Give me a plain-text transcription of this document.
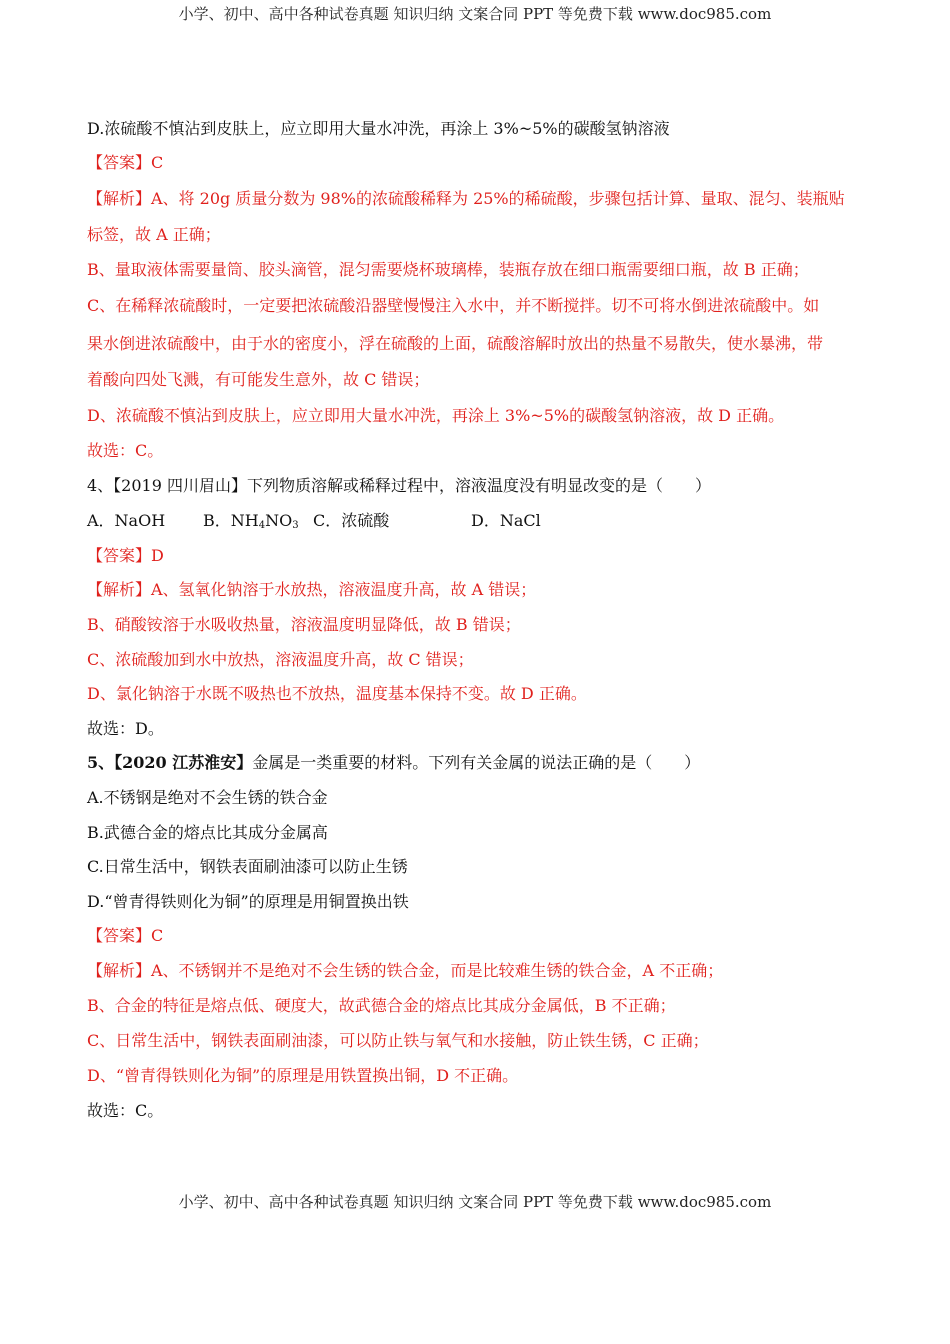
小学、初中、高中各种试卷真题 知识归纳 文案合同 PPT 等免费下载 www.doc985.com
D.浓硫酸不慎沾到皮肤上，应立即用大量水冲洗，再涂上 3%~5%的碳酸氢钠溶液
【答案】C
【解析】A、将 20g 质量分数为 98%的浓硫酸稀释为 25%的稀硫酸，步骤包括计算、量取、混匀、装瓶贴
标签，故 A 正确；
B、量取液体需要量筒、胶头滴管，混匀需要烧杯玻璃棒，装瓶存放在细口瓶需要细口瓶，故 B 正确；
C、在稀释浓硫酸时，一定要把浓硫酸沿器壁慢慢注入水中，并不断搅拌。切不可将水倒进浓硫酸中。如
果水倒进浓硫酸中，由于水的密度小，浮在硫酸的上面，硫酸溶解时放出的热量不易散失，使水暴沸，带
着酸向四处飞溅，有可能发生意外，故 C 错误；
D、浓硫酸不慎沾到皮肤上，应立即用大量水冲洗，再涂上 3%~5%的碳酸氢钠溶液，故 D 正确。
故选：C。
4、【2019 四川眉山】下列物质溶解或稀释过程中，溶液温度没有明显改变的是（　　）
A．NaOH B．$NH_4NO_3$ C．浓硫酸	D．NaCl
【答案】D
【解析】A、氢氧化钠溶于水放热，溶液温度升高，故 A 错误；
B、硝酸铵溶于水吸收热量，溶液温度明显降低，故 B 错误；
C、浓硫酸加到水中放热，溶液温度升高，故 C 错误；
D、氯化钠溶于水既不吸热也不放热，温度基本保持不变。故 D 正确。
故选：D。
5、【2020 江苏淮安】金属是一类重要的材料。下列有关金属的说法正确的是（　　）
A.不锈钢是绝对不会生锈的铁合金
B.武德合金的熔点比其成分金属高
C.日常生活中，钢铁表面刷油漆可以防止生锈
D.“曾青得铁则化为铜”的原理是用铜置换出铁
【答案】C
【解析】A、不锈钢并不是绝对不会生锈的铁合金，而是比较难生锈的铁合金，A 不正确；
B、合金的特征是熔点低、硬度大，故武德合金的熔点比其成分金属低，B 不正确；
C、日常生活中，钢铁表面刷油漆，可以防止铁与氧气和水接触，防止铁生锈，C 正确；
D、“曾青得铁则化为铜”的原理是用铁置换出铜，D 不正确。
故选：C。
小学、初中、高中各种试卷真题 知识归纳 文案合同 PPT 等免费下载 www.doc985.com
